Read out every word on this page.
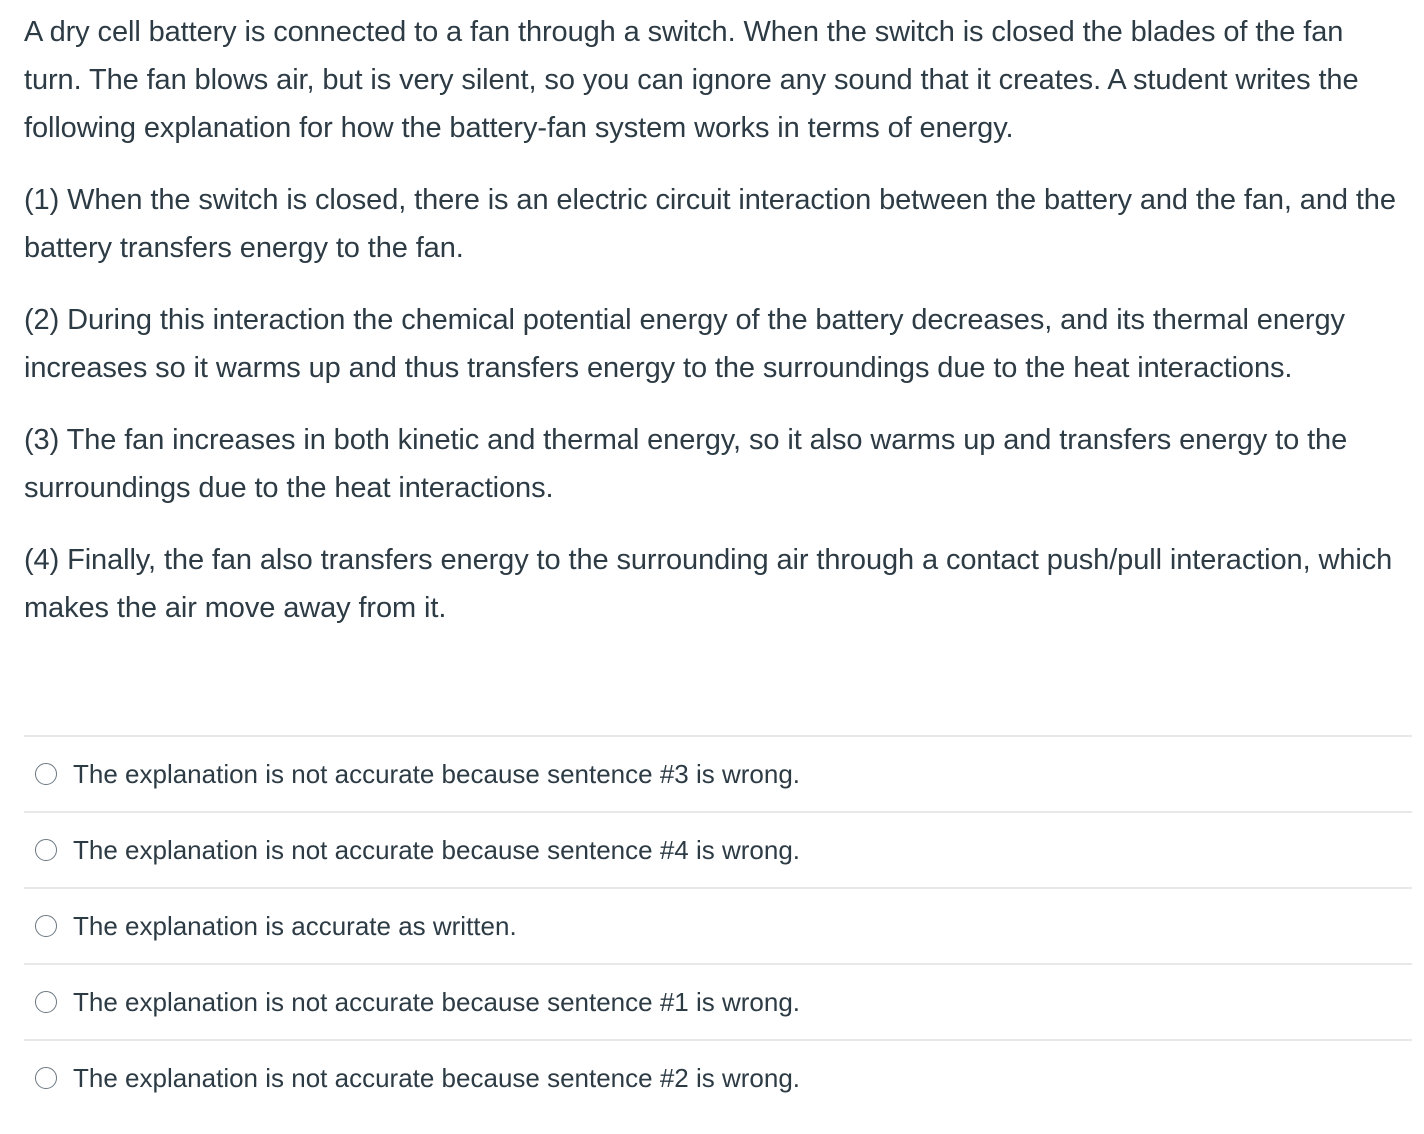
A dry cell battery is connected to a fan through a switch. When the switch is closed the blades of the fan turn. The fan blows air, but is very silent, so you can ignore any sound that it creates. A student writes the following explanation for how the battery-fan system works in terms of energy.

(1) When the switch is closed, there is an electric circuit interaction between the battery and the fan, and the battery transfers energy to the fan.

(2) During this interaction the chemical potential energy of the battery decreases, and its thermal energy increases so it warms up and thus transfers energy to the surroundings due to the heat interactions.

(3) The fan increases in both kinetic and thermal energy, so it also warms up and transfers energy to the surroundings due to the heat interactions.

(4) Finally, the fan also transfers energy to the surrounding air through a contact push/pull interaction, which makes the air move away from it.

The explanation is not accurate because sentence #3 is wrong.
The explanation is not accurate because sentence #4 is wrong.
The explanation is accurate as written.
The explanation is not accurate because sentence #1 is wrong.
The explanation is not accurate because sentence #2 is wrong.
